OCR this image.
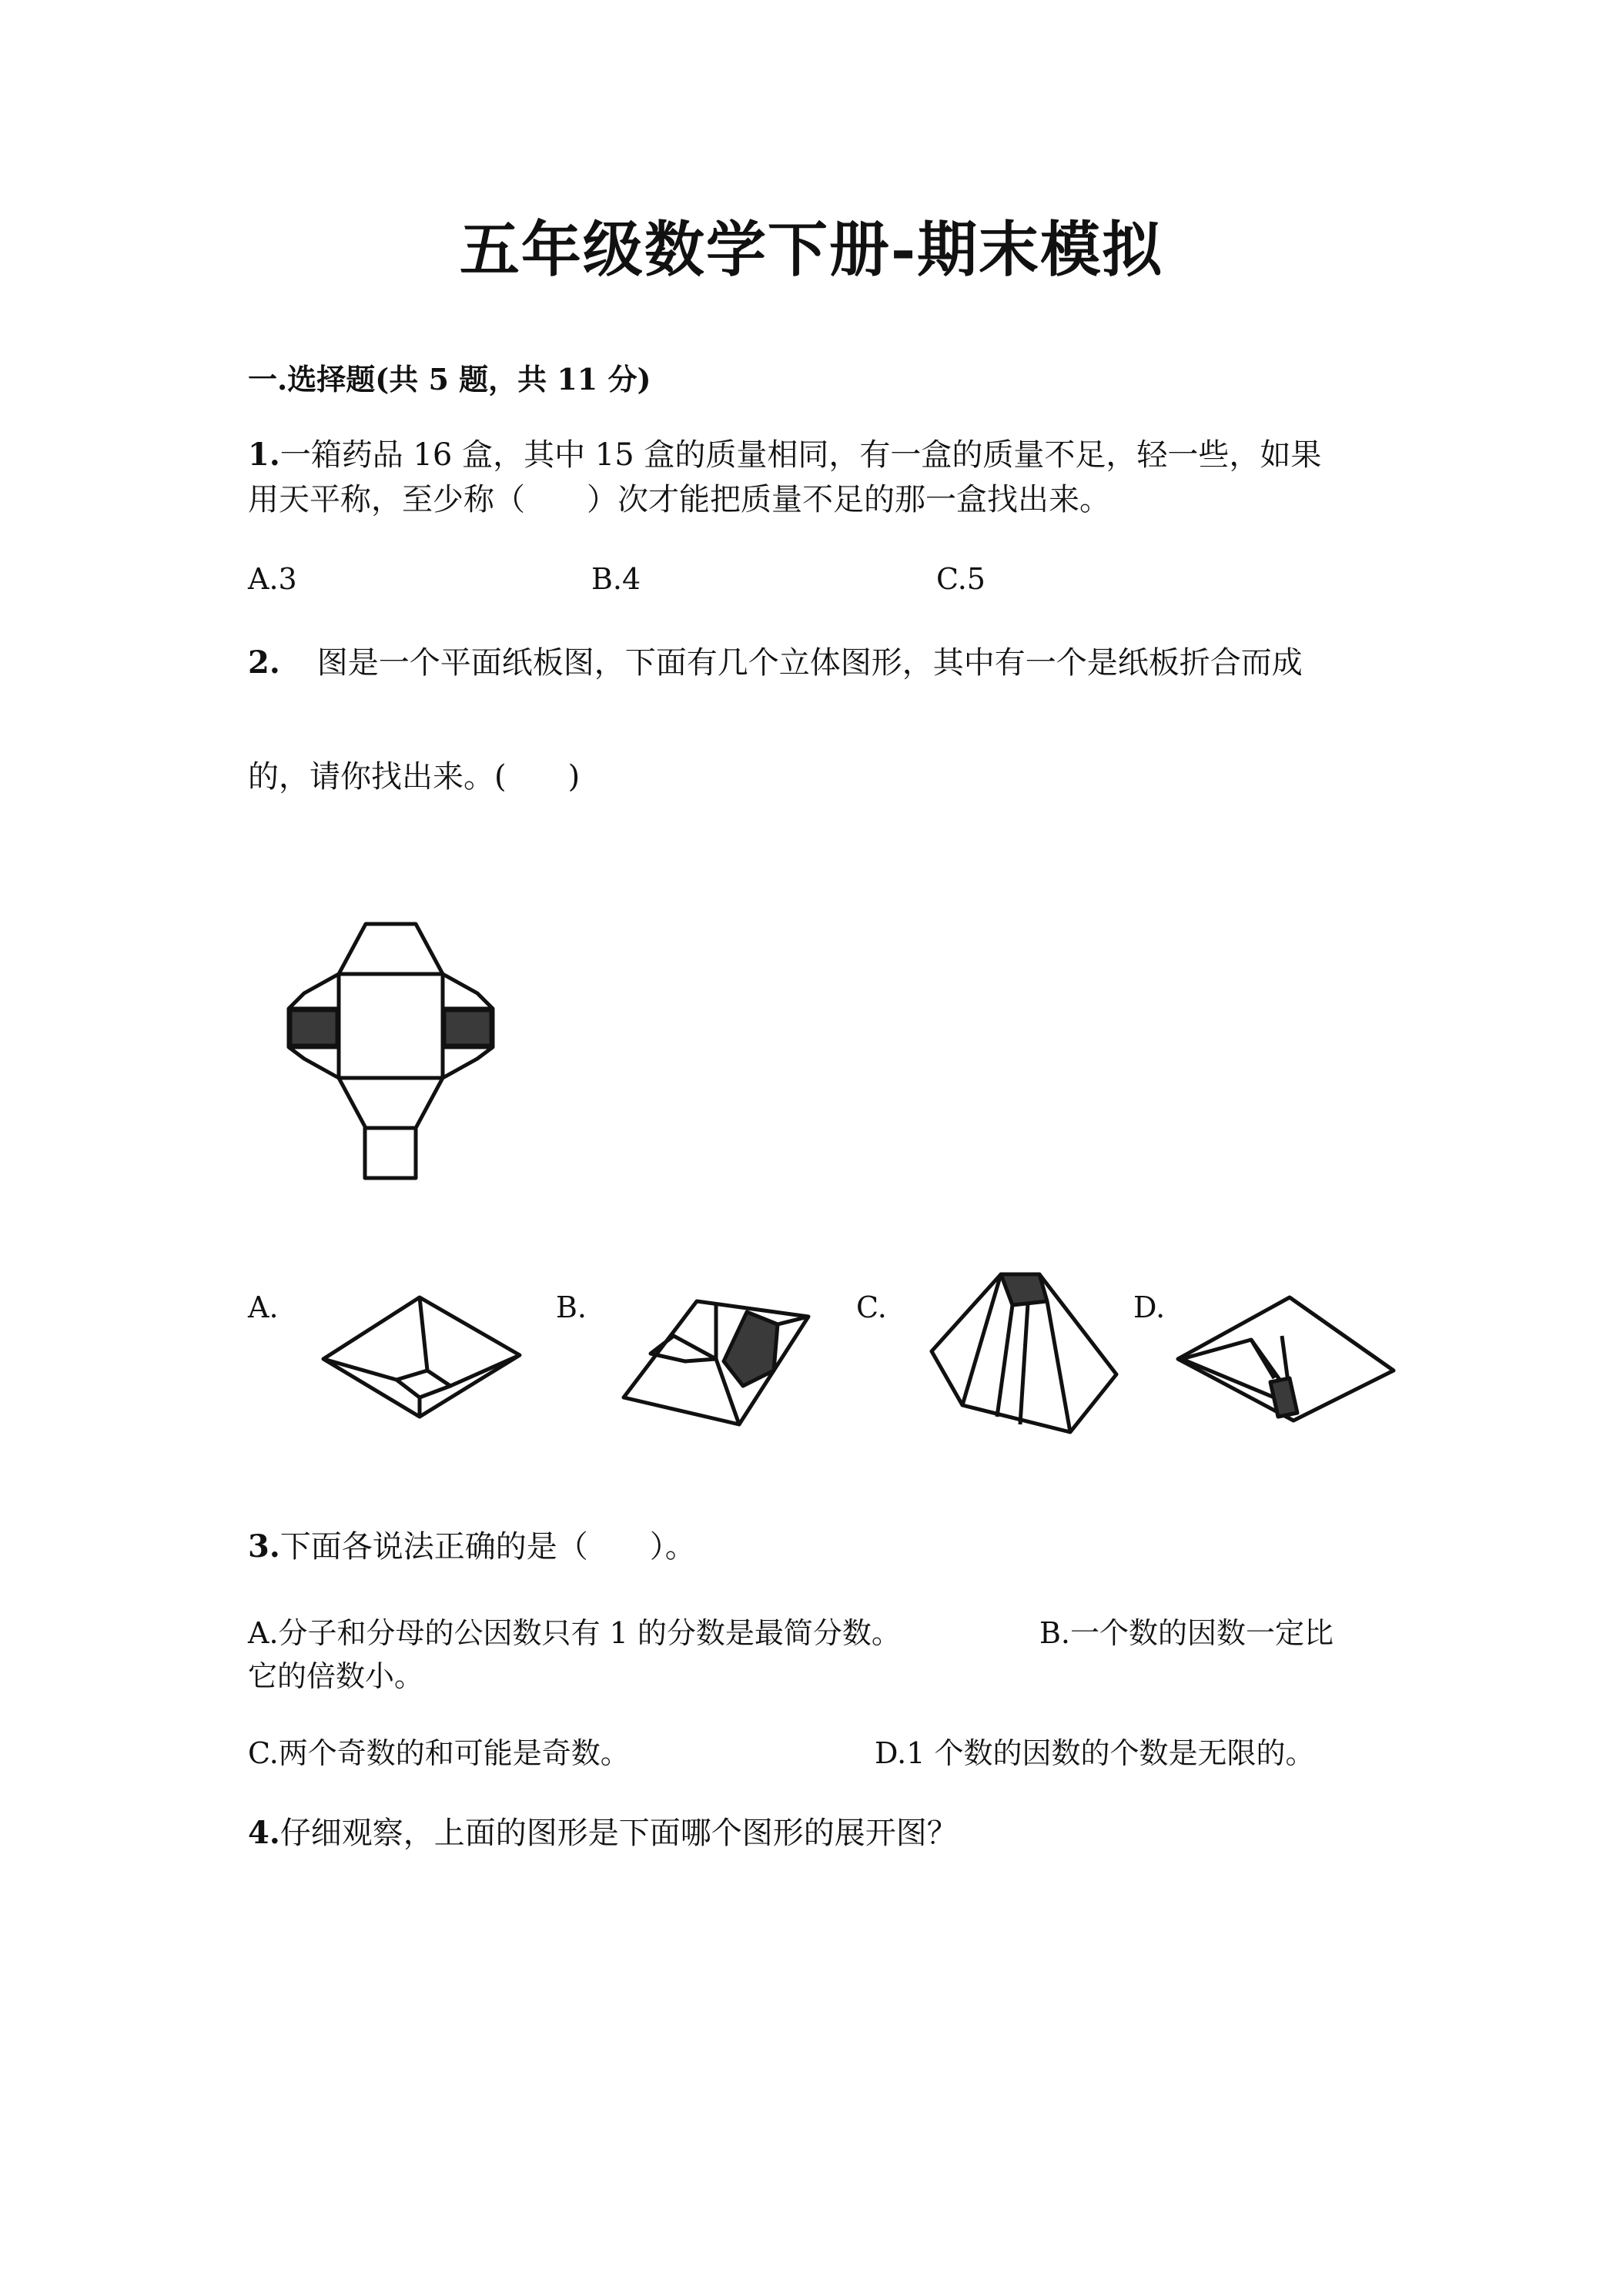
五年级数学下册-期末模拟
一.选择题(共 5 题，共 11 分)
1.一箱药品 16 盒，其中 15 盒的质量相同，有一盒的质量不足，轻一些，如果
用天平称，至少称（　　）次才能把质量不足的那一盒找出来。
A.3	B.4	C.5
2. 图是一个平面纸板图，下面有几个立体图形，其中有一个是纸板折合而成
的，请你找出来。(　　)
A.	B.	C.	D.
3.下面各说法正确的是（　　）。
A.分子和分母的公因数只有 1 的分数是最简分数。	B.一个数的因数一定比
它的倍数小。
C.两个奇数的和可能是奇数。	D.1 个数的因数的个数是无限的。
4.仔细观察，上面的图形是下面哪个图形的展开图？
